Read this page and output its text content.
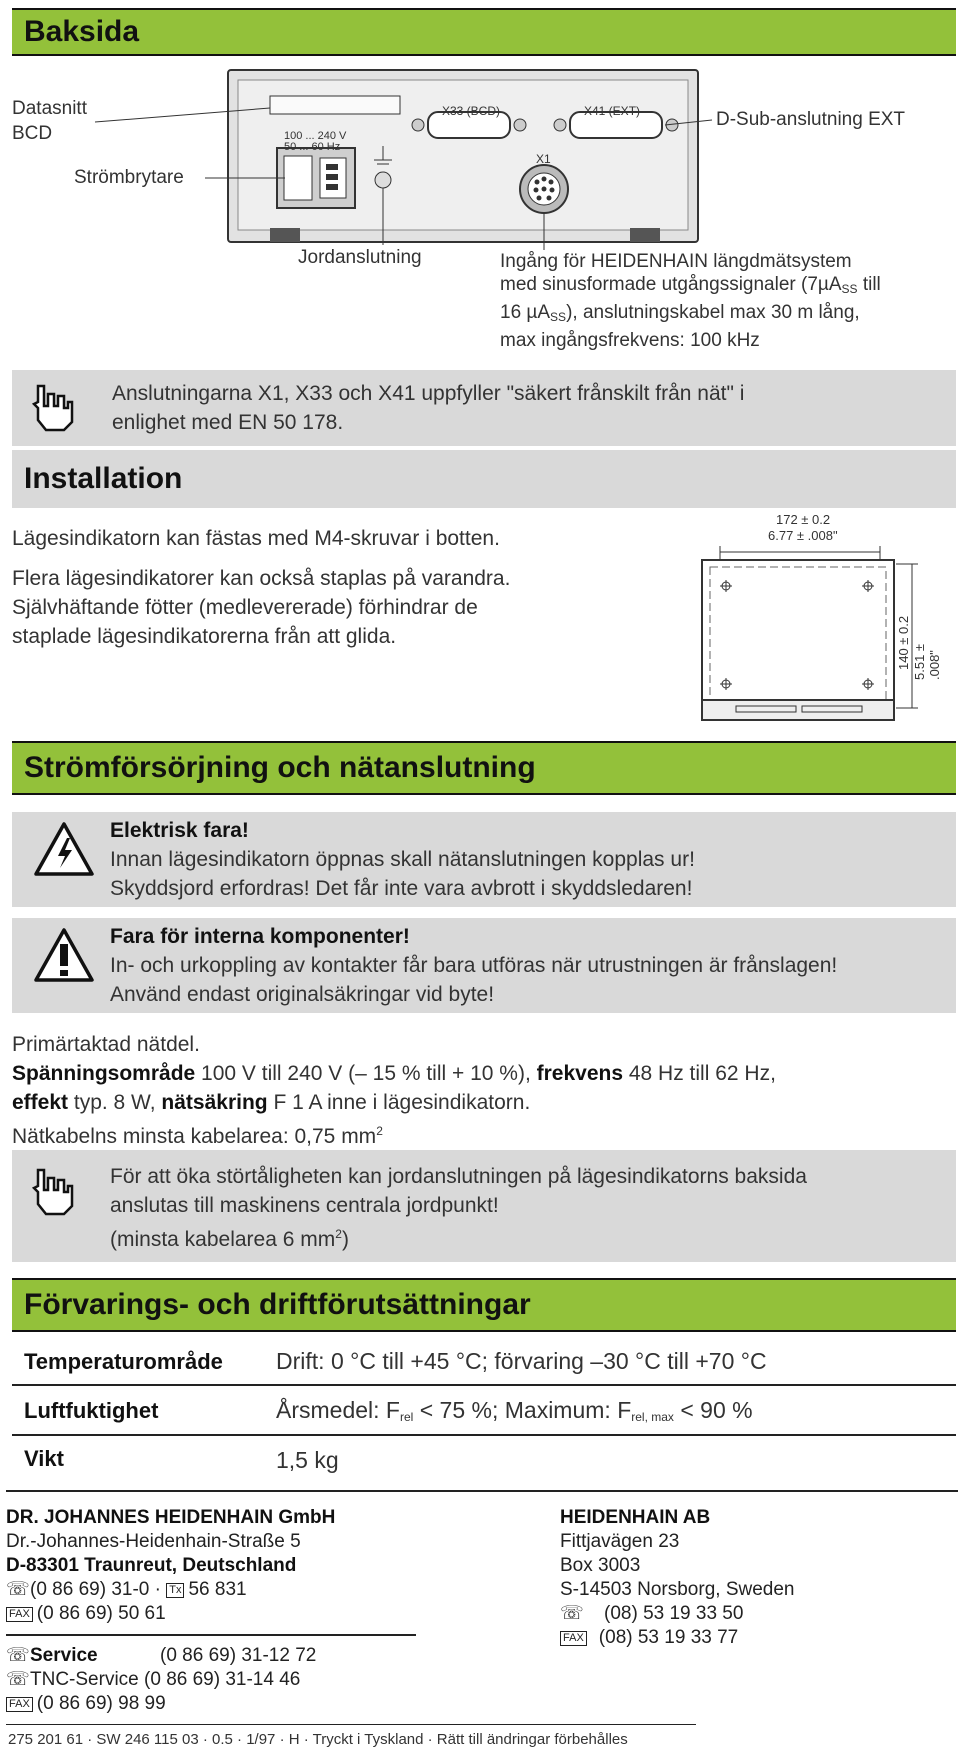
Baksida
100 ... 240 V
50 ... 60 Hz
X33 (BCD)	X41 (EXT)
X1
Datasnitt
BCD
Strömbrytare
D-Sub-anslutning EXT
Jordanslutning	Ingång för HEIDENHAIN längdmätsystem
med sinusformade utgångssignaler (7µA$_{SS}$ till
16 µA$_{SS}$), anslutningskabel max 30 m lång,
max ingångsfrekvens: 100 kHz
Anslutningarna X1, X33 och X41 uppfyller "säkert frånskilt från nät" i
enlighet med EN 50 178.
Installation
Lägesindikatorn kan fästas med M4-skruvar i botten.
Flera lägesindikatorer kan också staplas på varandra.
Självhäftande fötter (medlevererade) förhindrar de
staplade lägesindikatorerna från att glida.
172 ± 0.2
6.77 ± .008"
140 ± 0.2 5.51 ± .008"
Strömförsörjning och nätanslutning
Elektrisk fara!
Innan lägesindikatorn öppnas skall nätanslutningen kopplas ur!
Skyddsjord erfordras! Det får inte vara avbrott i skyddsledaren!
Fara för interna komponenter!
In- och urkoppling av kontakter får bara utföras när utrustningen är frånslagen!
Använd endast originalsäkringar vid byte!
Primärtaktad nätdel.
Spänningsområde 100 V till 240 V (– 15 % till + 10 %), frekvens 48 Hz till 62 Hz,
effekt typ. 8 W, nätsäkring F 1 A inne i lägesindikatorn.
Nätkabelns minsta kabelarea: 0,75 $mm^2$
För att öka störtåligheten kan jordanslutningen på lägesindikatorns baksida
anslutas till maskinens centrala jordpunkt!
(minsta kabelarea 6 $mm^2$)
Förvarings- och driftförutsättningar
Temperaturområde Drift: 0 °C till +45 °C; förvaring –30 °C till +70 °C
Luftfuktighet	Årsmedel: $F_{rel} < 75$ %; Maximum: $F_{rel, max} < 90$ %
Vikt	1,5 kg
DR. JOHANNES HEIDENHAIN GmbH
Dr.-Johannes-Heidenhain-Straße 5
D-83301 Traunreut, Deutschland
☏(0 86 69) 31-0 · Tx 56 831
FAX (0 86 69) 50 61
☏Service	(0 86 69) 31-12 72
☏TNC-Service (0 86 69) 31-14 46
FAX (0 86 69) 98 99
HEIDENHAIN AB
Fittjavägen 23
Box 3003
S-14503 Norsborg, Sweden
☏ (08) 53 19 33 50
FAX (08) 53 19 33 77
275 201 61 · SW 246 115 03 · 0.5 · 1/97 · H · Tryckt i Tyskland · Rätt till ändringar förbehålles
